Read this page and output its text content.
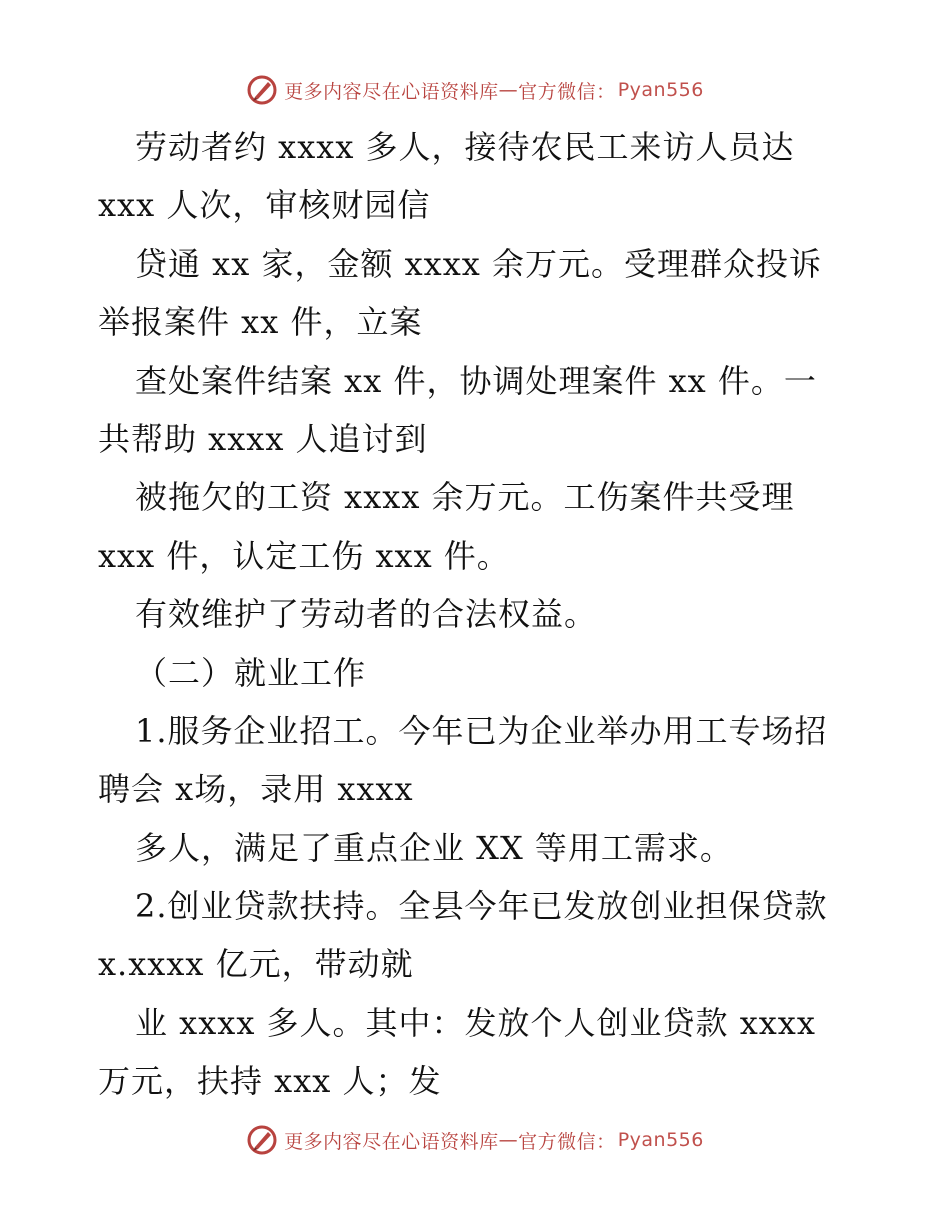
更多内容尽在心语资料库 — 官方微信： Pyan556
劳动者约 xxxx 多人，接待农民工来访人员达
xxx 人次，审核财园信
贷通 xx 家，金额 xxxx 余万元。受理群众投诉
举报案件 xx 件，立案
查处案件结案 xx 件，协调处理案件 xx 件。一
共帮助 xxxx 人追讨到
被拖欠的工资 xxxx 余万元。工伤案件共受理
xxx 件，认定工伤 xxx 件。
有效维护了劳动者的合法权益。
（二）就业工作
1.服务企业招工。今年已为企业举办用工专场招
聘会 x场，录用 xxxx
多人，满足了重点企业 XX 等用工需求。
2.创业贷款扶持。全县今年已发放创业担保贷款
x.xxxx 亿元，带动就
业 xxxx 多人。其中：发放个人创业贷款 xxxx
万元，扶持 xxx 人；发
更多内容尽在心语资料库 — 官方微信： Pyan556
